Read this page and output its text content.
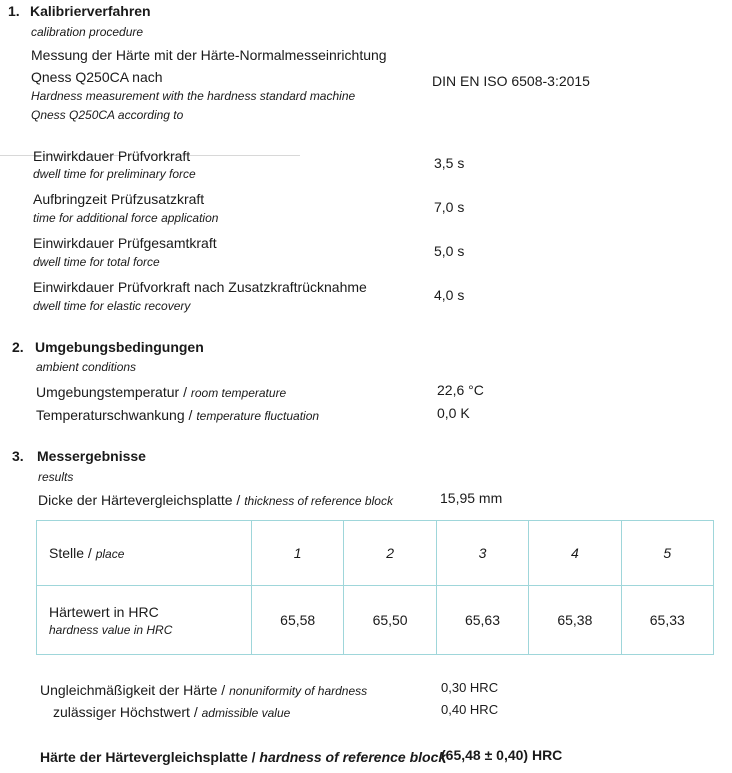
1. Kalibrierverfahren
calibration procedure
Messung der Härte mit der Härte-Normalmesseinrichtung
Qness Q250CA nach
Hardness measurement with the hardness standard machine
Qness Q250CA according to
DIN EN ISO 6508-3:2015
Einwirkdauer Prüfvorkraft
dwell time for preliminary force
3,5 s
Aufbringzeit Prüfzusatzkraft
time for additional force application
7,0 s
Einwirkdauer Prüfgesamtkraft
dwell time for total force
5,0 s
Einwirkdauer Prüfvorkraft nach Zusatzkraftrücknahme
dwell time for elastic recovery
4,0 s
2. Umgebungsbedingungen
ambient conditions
Umgebungstemperatur / room temperature	22,6 °C
Temperaturschwankung / temperature fluctuation	0,0 K
3. Messergebnisse
results
Dicke der Härtevergleichsplatte / thickness of reference block	15,95 mm
Stelle / place	1	2	3	4	5

Härtewert in HRC
hardness value in HRC	65,58	65,50	65,63	65,38	65,33
Ungleichmäßigkeit der Härte / nonuniformity of hardness	0,30 HRC
zulässiger Höchstwert / admissible value	0,40 HRC
Härte der Härtevergleichsplatte / hardness of reference block
(65,48 ± 0,40) HRC
